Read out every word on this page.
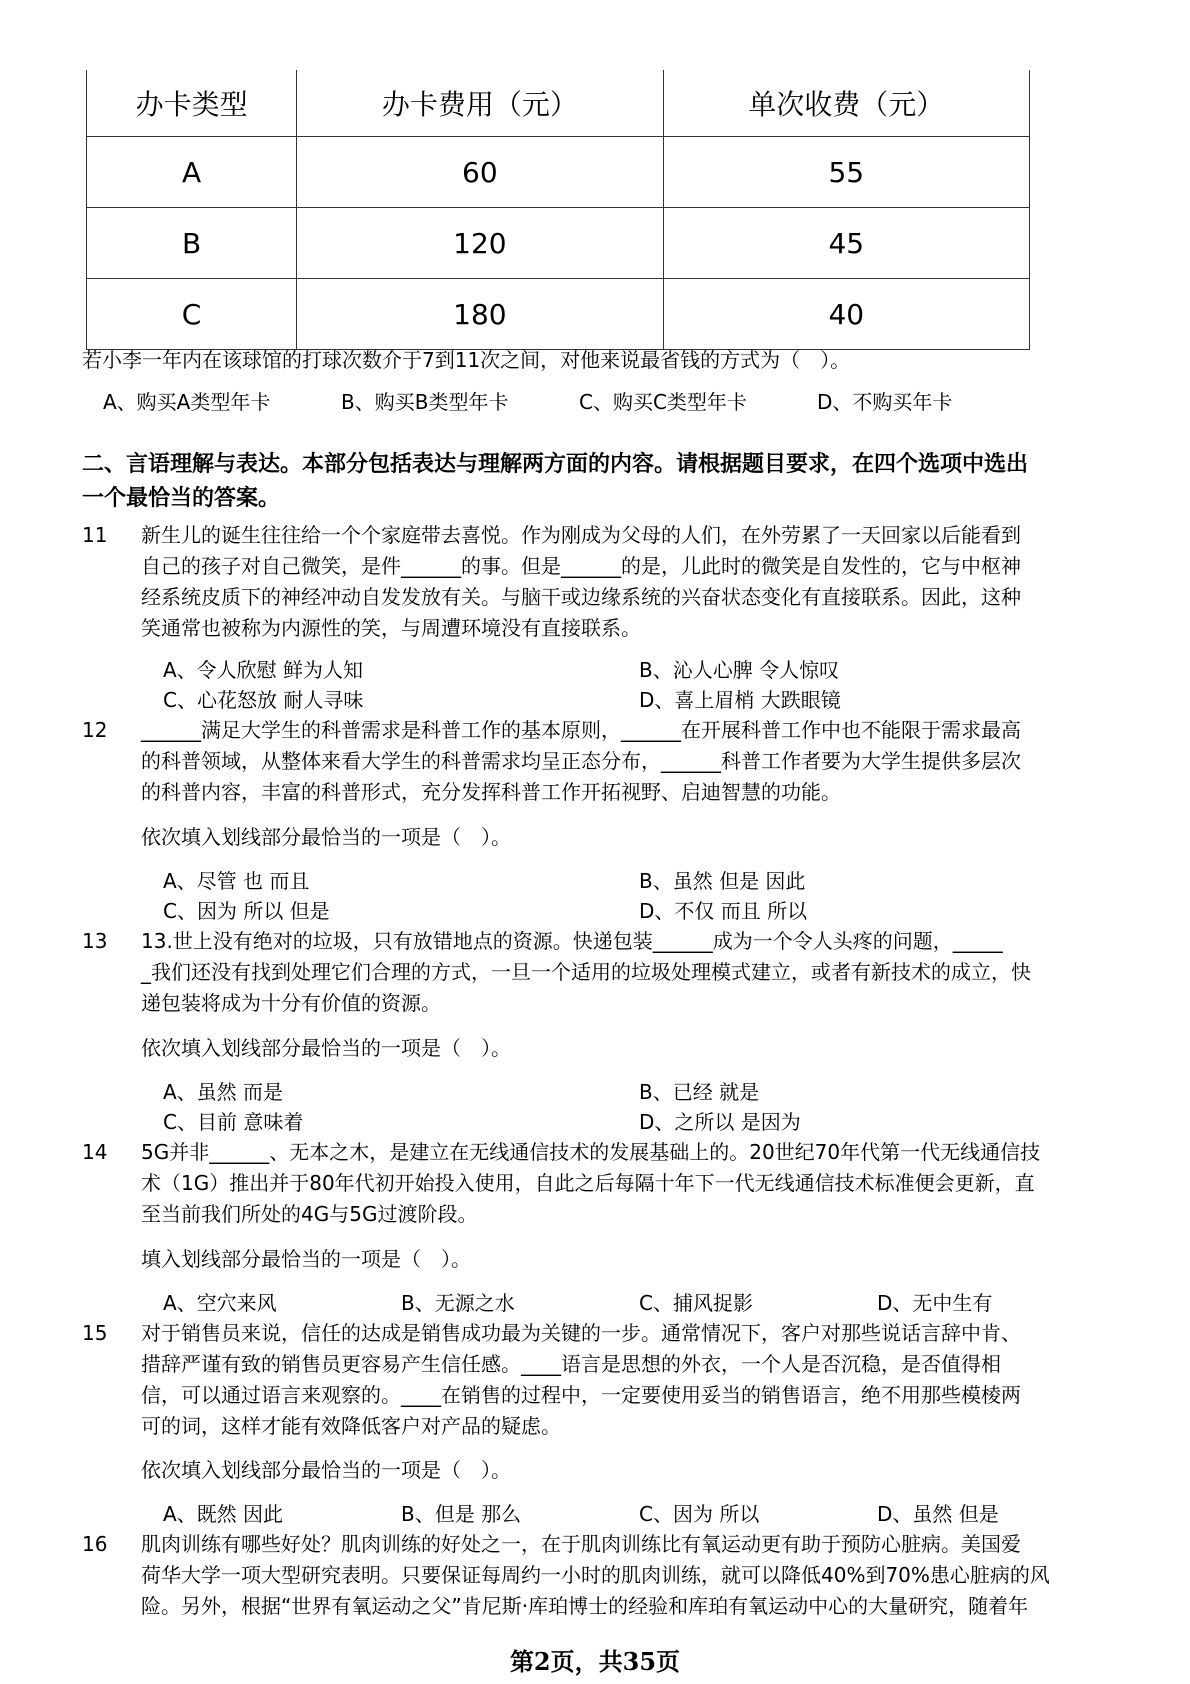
办卡类型	办卡费用（元）	单次收费（元）
A	60	55
B	120	45
C	180	40
若小李一年内在该球馆的打球次数介于7到11次之间，对他来说最省钱的方式为（　）。
A、购买A类型年卡	B、购买B类型年卡	C、购买C类型年卡	D、不购买年卡
二、言语理解与表达。本部分包括表达与理解两方面的内容。请根据题目要求，在四个选项中选出
一个最恰当的答案。
11 新生儿的诞生往往给一个个家庭带去喜悦。作为刚成为父母的人们，在外劳累了一天回家以后能看到
自己的孩子对自己微笑，是件______的事。但是______的是，儿此时的微笑是自发性的，它与中枢神
经系统皮质下的神经冲动自发发放有关。与脑干或边缘系统的兴奋状态变化有直接联系。因此，这种
笑通常也被称为内源性的笑，与周遭环境没有直接联系。
A、令人欣慰 鲜为人知	B、沁人心脾 令人惊叹
C、心花怒放 耐人寻味	D、喜上眉梢 大跌眼镜
12 ______满足大学生的科普需求是科普工作的基本原则，______在开展科普工作中也不能限于需求最高
的科普领域，从整体来看大学生的科普需求均呈正态分布，______科普工作者要为大学生提供多层次
的科普内容，丰富的科普形式，充分发挥科普工作开拓视野、启迪智慧的功能。
依次填入划线部分最恰当的一项是（　）。
A、尽管 也 而且	B、虽然 但是 因此
C、因为 所以 但是	D、不仅 而且 所以
13 13.世上没有绝对的垃圾，只有放错地点的资源。快递包装______成为一个令人头疼的问题，_____
_我们还没有找到处理它们合理的方式，一旦一个适用的垃圾处理模式建立，或者有新技术的成立，快
递包装将成为十分有价值的资源。
依次填入划线部分最恰当的一项是（　）。
A、虽然 而是	B、已经 就是
C、目前 意味着	D、之所以 是因为
14 5G并非______、无本之木，是建立在无线通信技术的发展基础上的。20世纪70年代第一代无线通信技
术（1G）推出并于80年代初开始投入使用，自此之后每隔十年下一代无线通信技术标准便会更新，直
至当前我们所处的4G与5G过渡阶段。
填入划线部分最恰当的一项是（　）。
A、空穴来风	B、无源之水	C、捕风捉影	D、无中生有
15 对于销售员来说，信任的达成是销售成功最为关键的一步。通常情况下，客户对那些说话言辞中肯、
措辞严谨有致的销售员更容易产生信任感。____语言是思想的外衣，一个人是否沉稳，是否值得相
信，可以通过语言来观察的。____在销售的过程中，一定要使用妥当的销售语言，绝不用那些模棱两
可的词，这样才能有效降低客户对产品的疑虑。
依次填入划线部分最恰当的一项是（　）。
A、既然 因此	B、但是 那么	C、因为 所以	D、虽然 但是
16 肌肉训练有哪些好处？肌肉训练的好处之一，在于肌肉训练比有氧运动更有助于预防心脏病。美国爱
荷华大学一项大型研究表明。只要保证每周约一小时的肌肉训练，就可以降低40%到70%患心脏病的风
险。另外，根据“世界有氧运动之父”肯尼斯·库珀博士的经验和库珀有氧运动中心的大量研究，随着年
第2页，共35页
